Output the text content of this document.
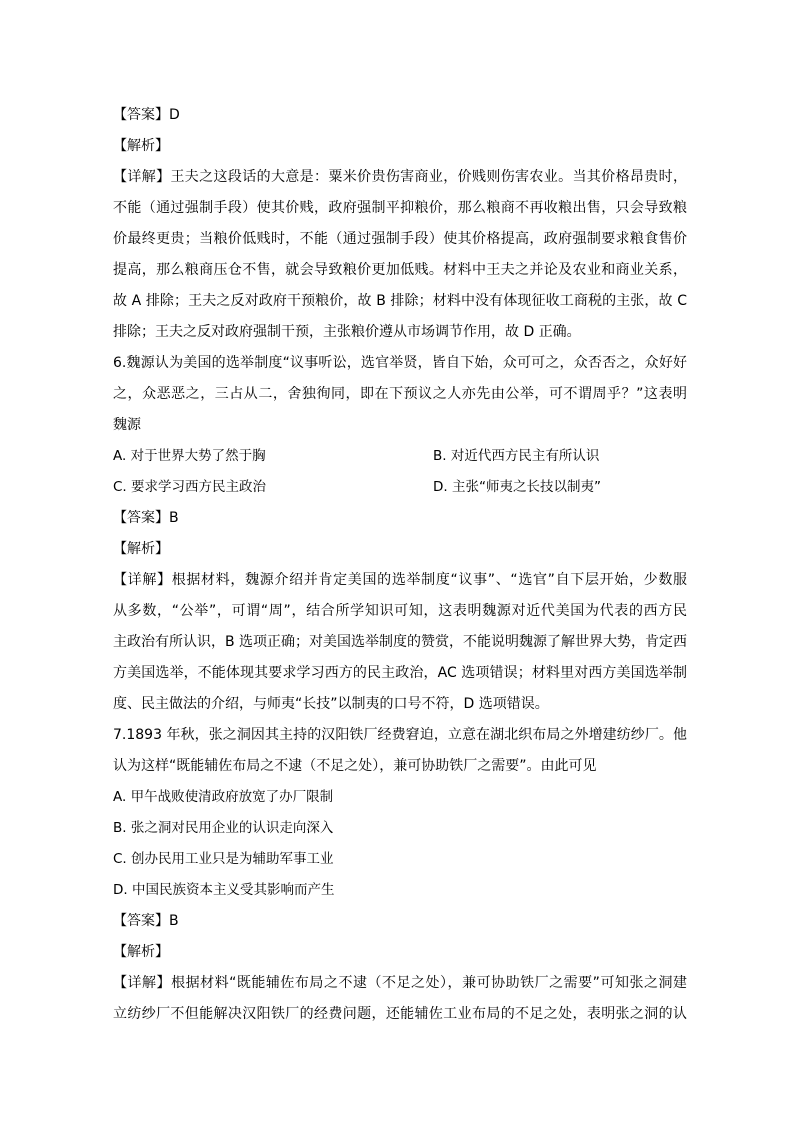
【答案】D
【解析】
【详解】王夫之这段话的大意是：粟米价贵伤害商业，价贱则伤害农业。当其价格昂贵时，
不能（通过强制手段）使其价贱，政府强制平抑粮价，那么粮商不再收粮出售，只会导致粮
价最终更贵；当粮价低贱时，不能（通过强制手段）使其价格提高，政府强制要求粮食售价
提高，那么粮商压仓不售，就会导致粮价更加低贱。材料中王夫之并论及农业和商业关系，
故 A 排除；王夫之反对政府干预粮价，故 B 排除；材料中没有体现征收工商税的主张，故 C
排除；王夫之反对政府强制干预，主张粮价遵从市场调节作用，故 D 正确。
6.魏源认为美国的选举制度“议事听讼，选官举贤，皆自下始，众可可之，众否否之，众好好
之，众恶恶之，三占从二，舍独徇同，即在下预议之人亦先由公举，可不谓周乎？”这表明
魏源
A. 对于世界大势了然于胸	B. 对近代西方民主有所认识
C. 要求学习西方民主政治	D. 主张“师夷之长技以制夷”
【答案】B
【解析】
【详解】根据材料，魏源介绍并肯定美国的选举制度“议事”、“选官”自下层开始，少数服
从多数，“公举”，可谓“周”，结合所学知识可知，这表明魏源对近代美国为代表的西方民
主政治有所认识，B 选项正确；对美国选举制度的赞赏，不能说明魏源了解世界大势，肯定西
方美国选举，不能体现其要求学习西方的民主政治，AC 选项错误；材料里对西方美国选举制
度、民主做法的介绍，与师夷“长技”以制夷的口号不符，D 选项错误。
7.1893 年秋，张之洞因其主持的汉阳铁厂经费窘迫，立意在湖北织布局之外增建纺纱厂。他
认为这样“既能辅佐布局之不逮（不足之处），兼可协助铁厂之需要”。由此可见
A. 甲午战败使清政府放宽了办厂限制
B. 张之洞对民用企业的认识走向深入
C. 创办民用工业只是为辅助军事工业
D. 中国民族资本主义受其影响而产生
【答案】B
【解析】
【详解】根据材料“既能辅佐布局之不逮（不足之处），兼可协助铁厂之需要”可知张之洞建
立纺纱厂不但能解决汉阳铁厂的经费问题，还能辅佐工业布局的不足之处，表明张之洞的认
